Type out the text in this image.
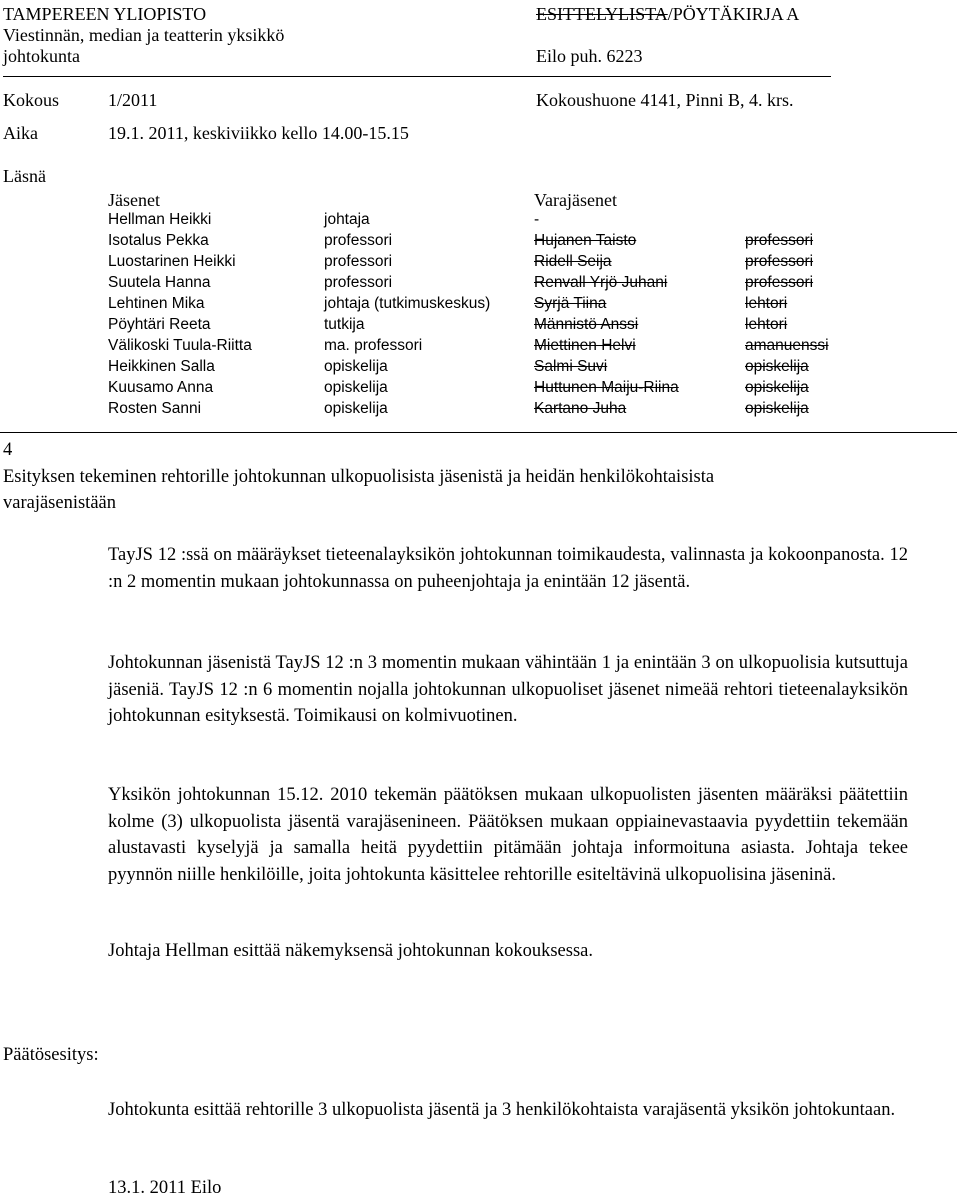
TAMPEREEN YLIOPISTO	ESITTELYLISTA/PÖYTÄKIRJA A
Viestinnän, median ja teatterin yksikkö
johtokunta	Eilo puh. 6223
Kokous	1/2011	Kokoushuone 4141, Pinni B, 4. krs.
Aika	19.1. 2011, keskiviikko kello 14.00-15.15
Läsnä
Jäsenet	Varajäsenet
Hellman Heikki	johtaja	-
Isotalus Pekka	professori	Hujanen Taisto	professori
Luostarinen Heikki	professori	Ridell Seija	professori
Suutela Hanna	professori	Renvall Yrjö Juhani	professori
Lehtinen Mika	johtaja (tutkimuskeskus)	Syrjä Tiina	lehtori
Pöyhtäri Reeta	tutkija	Männistö Anssi	lehtori
Välikoski Tuula-Riitta	ma. professori	Miettinen Helvi	amanuenssi
Heikkinen Salla	opiskelija	Salmi Suvi	opiskelija
Kuusamo Anna	opiskelija	Huttunen Maiju-Riina	opiskelija
Rosten Sanni	opiskelija	Kartano Juha	opiskelija
4
Esityksen tekeminen rehtorille johtokunnan ulkopuolisista jäsenistä ja heidän henkilökohtaisista
varajäsenistään
TayJS 12 :ssä on määräykset tieteenalayksikön johtokunnan toimikaudesta, valinnasta ja kokoonpanosta. 12 :n 2 momentin mukaan johtokunnassa on puheenjohtaja ja enintään 12 jäsentä.
Johtokunnan jäsenistä TayJS 12 :n 3 momentin mukaan vähintään 1 ja enintään 3 on ulkopuolisia kutsuttuja jäseniä. TayJS 12 :n 6 momentin nojalla johtokunnan ulkopuoliset jäsenet nimeää rehtori tieteenalayksikön johtokunnan esityksestä. Toimikausi on kolmivuotinen.
Yksikön johtokunnan 15.12. 2010 tekemän päätöksen mukaan ulkopuolisten jäsenten määräksi päätettiin kolme (3) ulkopuolista jäsentä varajäsenineen. Päätöksen mukaan oppiainevastaavia pyydettiin tekemään alustavasti kyselyjä ja samalla heitä pyydettiin pitämään johtaja informoituna asiasta. Johtaja tekee pyynnön niille henkilöille, joita johtokunta käsittelee rehtorille esiteltävinä ulkopuolisina jäseninä.
Johtaja Hellman esittää näkemyksensä johtokunnan kokouksessa.
Päätösesitys:
Johtokunta esittää rehtorille 3 ulkopuolista jäsentä ja 3 henkilökohtaista varajäsentä yksikön johtokuntaan.
13.1. 2011 Eilo
